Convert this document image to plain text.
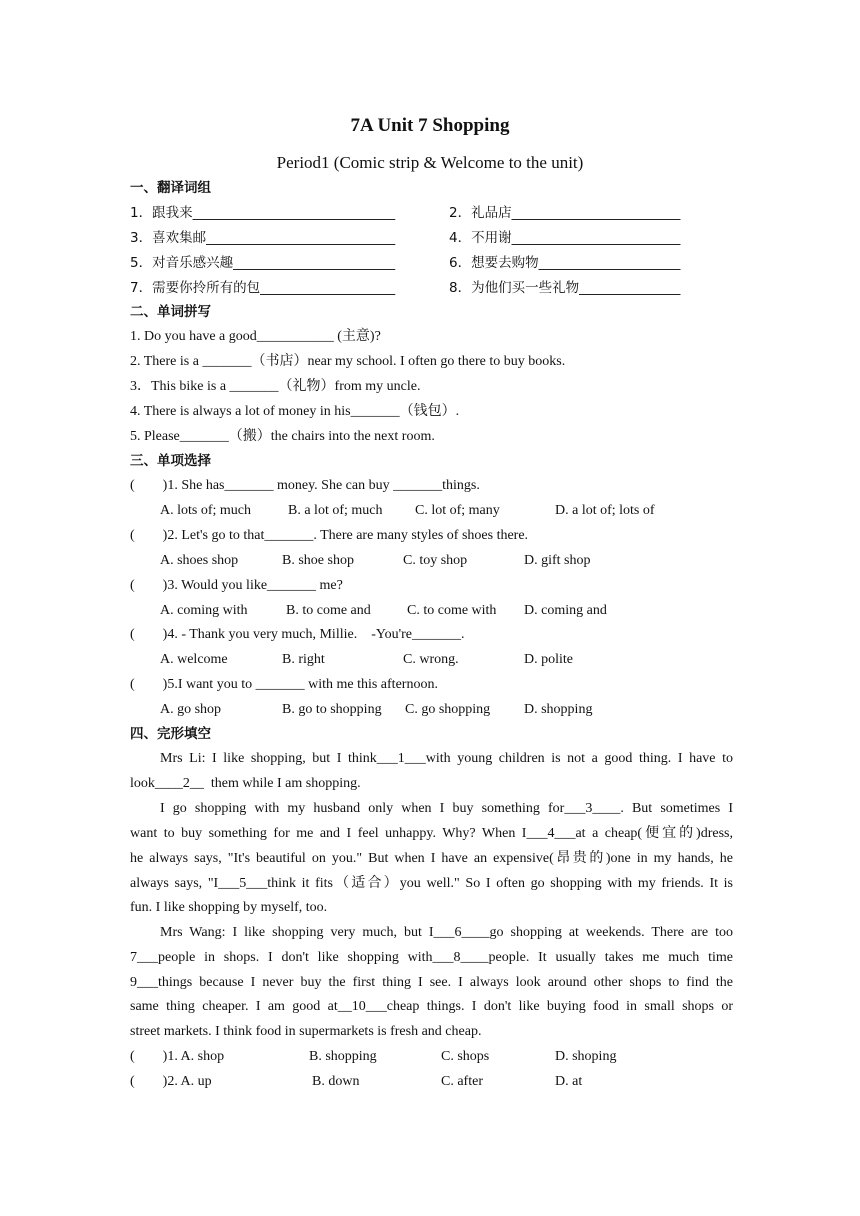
7A Unit 7 Shopping
Period1 (Comic strip & Welcome to the unit)
一、翻译词组
1．跟我来______________________________	2．礼品店_________________________
3．喜欢集邮____________________________	4．不用谢_________________________
5．对音乐感兴趣________________________	6．想要去购物_____________________
7．需要你拎所有的包____________________	8．为他们买一些礼物_______________
二、单词拼写
1. Do you have a good___________ (主意)?
2. There is a _______（书店）near my school. I often go there to buy books.
3．This bike is a _______（礼物）from my uncle.
4. There is always a lot of money in his_______（钱包）.
5. Please_______（搬）the chairs into the next room.
三、单项选择
(        )1. She has_______ money. She can buy _______things.
A. lots of; much	B. a lot of; much C. lot of; many	D. a lot of; lots of
(        )2. Let's go to that_______. There are many styles of shoes there.
A. shoes shop	B. shoe shop	C. toy shop	D. gift shop
(        )3. Would you like_______ me?
A. coming with	B. to come and	C. to come with D. coming and
(        )4. - Thank you very much, Millie.    -You're_______.
A. welcome	B. right	C. wrong.	D. polite
(        )5.I want you to _______ with me this afternoon.
A. go shop	B. go to shopping C. go shopping D. shopping
四、完形填空
Mrs Li: I like shopping, but I think___1___with young children is not a good thing. I have to
look____2__  them while I am shopping.
I go shopping with my husband only when I buy something for___3____. But sometimes I
want to buy something for me and I feel unhappy. Why? When I___4___at a cheap(便宜的)dress,
he always says, "It's beautiful on you." But when I have an expensive(昂贵的)one in my hands, he
always says, "I___5___think it fits（适合）you well." So I often go shopping with my friends. It is
fun. I like shopping by myself, too.
Mrs Wang: I like shopping very much, but I___6____go shopping at weekends. There are too
7___people in shops. I don't like shopping with___8____people. It usually takes me much time
9___things because I never buy the first thing I see. I always look around other shops to find the
same thing cheaper. I am good at__10___cheap things. I don't like buying food in small shops or
street markets. I think food in supermarkets is fresh and cheap.
(        )1. A. shop	B. shopping	C. shops	D. shoping
(        )2. A. up	B. down	C. after	D. at
